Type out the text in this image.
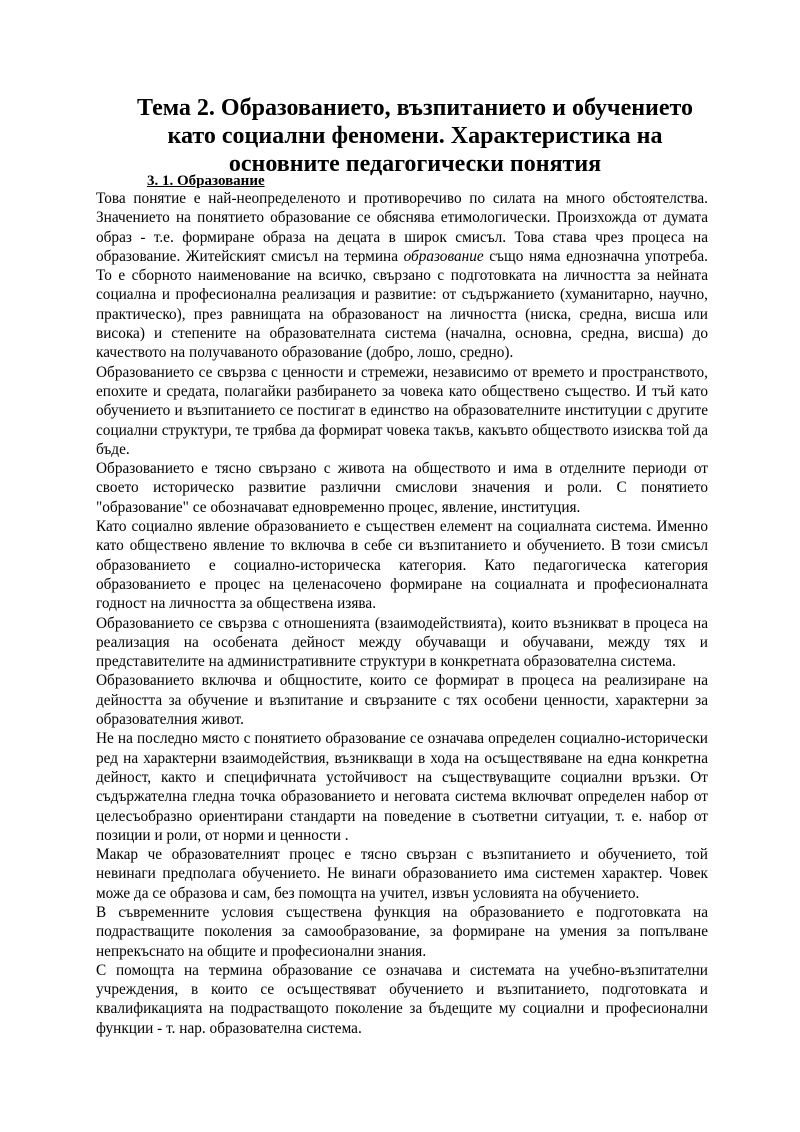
Тема 2. Образованието, възпитанието и обучението като социални феномени. Характеристика на основните педагогически понятия
3. 1. Образование

Това понятие е най-неопределеното и противоречиво по силата на много обстоятелства. Значението на понятието образование се обяснява етимологически. Произхожда от думата образ - т.е. формиране образа на децата в широк смисъл. Това става чрез процеса на образование. Житейският смисъл на термина образование също няма еднозначна употреба. То е сборното наименование на всичко, свързано с подготовката на личността за нейната социална и професионална реализация и развитие: от съдържанието (хуманитарно, научно, практическо), през равнищата на образованост на личността (ниска, средна, висша или висока) и степените на образователната система (начална, основна, средна, висша) до качеството на получаваното образование (добро, лошо, средно).

Образованието се свързва с ценности и стремежи, независимо от времето и пространството, епохите и средата, полагайки разбирането за човека като обществено същество. И тъй като обучението и възпитанието се постигат в единство на образователните институции с другите социални структури, те трябва да формират човека такъв, какъвто обществото изисква той да бъде.

Образованието е тясно свързано с живота на обществото и има в отделните периоди от своето историческо развитие различни смислови значения и роли. С понятието "образование" се обозначават едновременно процес, явление, институция.

Като социално явление образованието е съществен елемент на социалната система. Именно като обществено явление то включва в себе си възпитанието и обучението. В този смисъл образованието е социално-историческа категория. Като педагогическа категория образованието е процес на целенасочено формиране на социалната и професионалната годност на личността за обществена изява.

Образованието се свързва с отношенията (взаимодействията), които възникват в процеса на реализация на особената дейност между обучаващи и обучавани, между тях и представителите на административните структури в конкретната образователна система.

Образованието включва и общностите, които се формират в процеса на реализиране на дейността за обучение и възпитание и свързаните с тях особени ценности, характерни за образователния живот.

Не на последно място с понятието образование се означава определен социално-исторически ред на характерни взаимодействия, възникващи в хода на осъществяване на една конкретна дейност, както и специфичната устойчивост на съществуващите социални връзки. От съдържателна гледна точка образованието и неговата система включват определен набор от целесъобразно ориентирани стандарти на поведение в съответни ситуации, т. е. набор от позиции и роли, от норми и ценности .

Макар че образователният процес е тясно свързан с възпитанието и обучението, той невинаги предполага обучението. Не винаги образованието има системен характер. Човек може да се образова и сам, без помощта на учител, извън условията на обучението.

В съвременните условия съществена функция на образованието е подготовката на подрастващите поколения за самообразование, за формиране на умения за попълване непрекъснато на общите и професионални знания.

С помощта на термина образование се означава и системата на учебно-възпитателни учреждения, в които се осъществяват обучението и възпитанието, подготовката и квалификацията на подрастващото поколение за бъдещите му социални и професионални функции - т. нар. образователна система.
